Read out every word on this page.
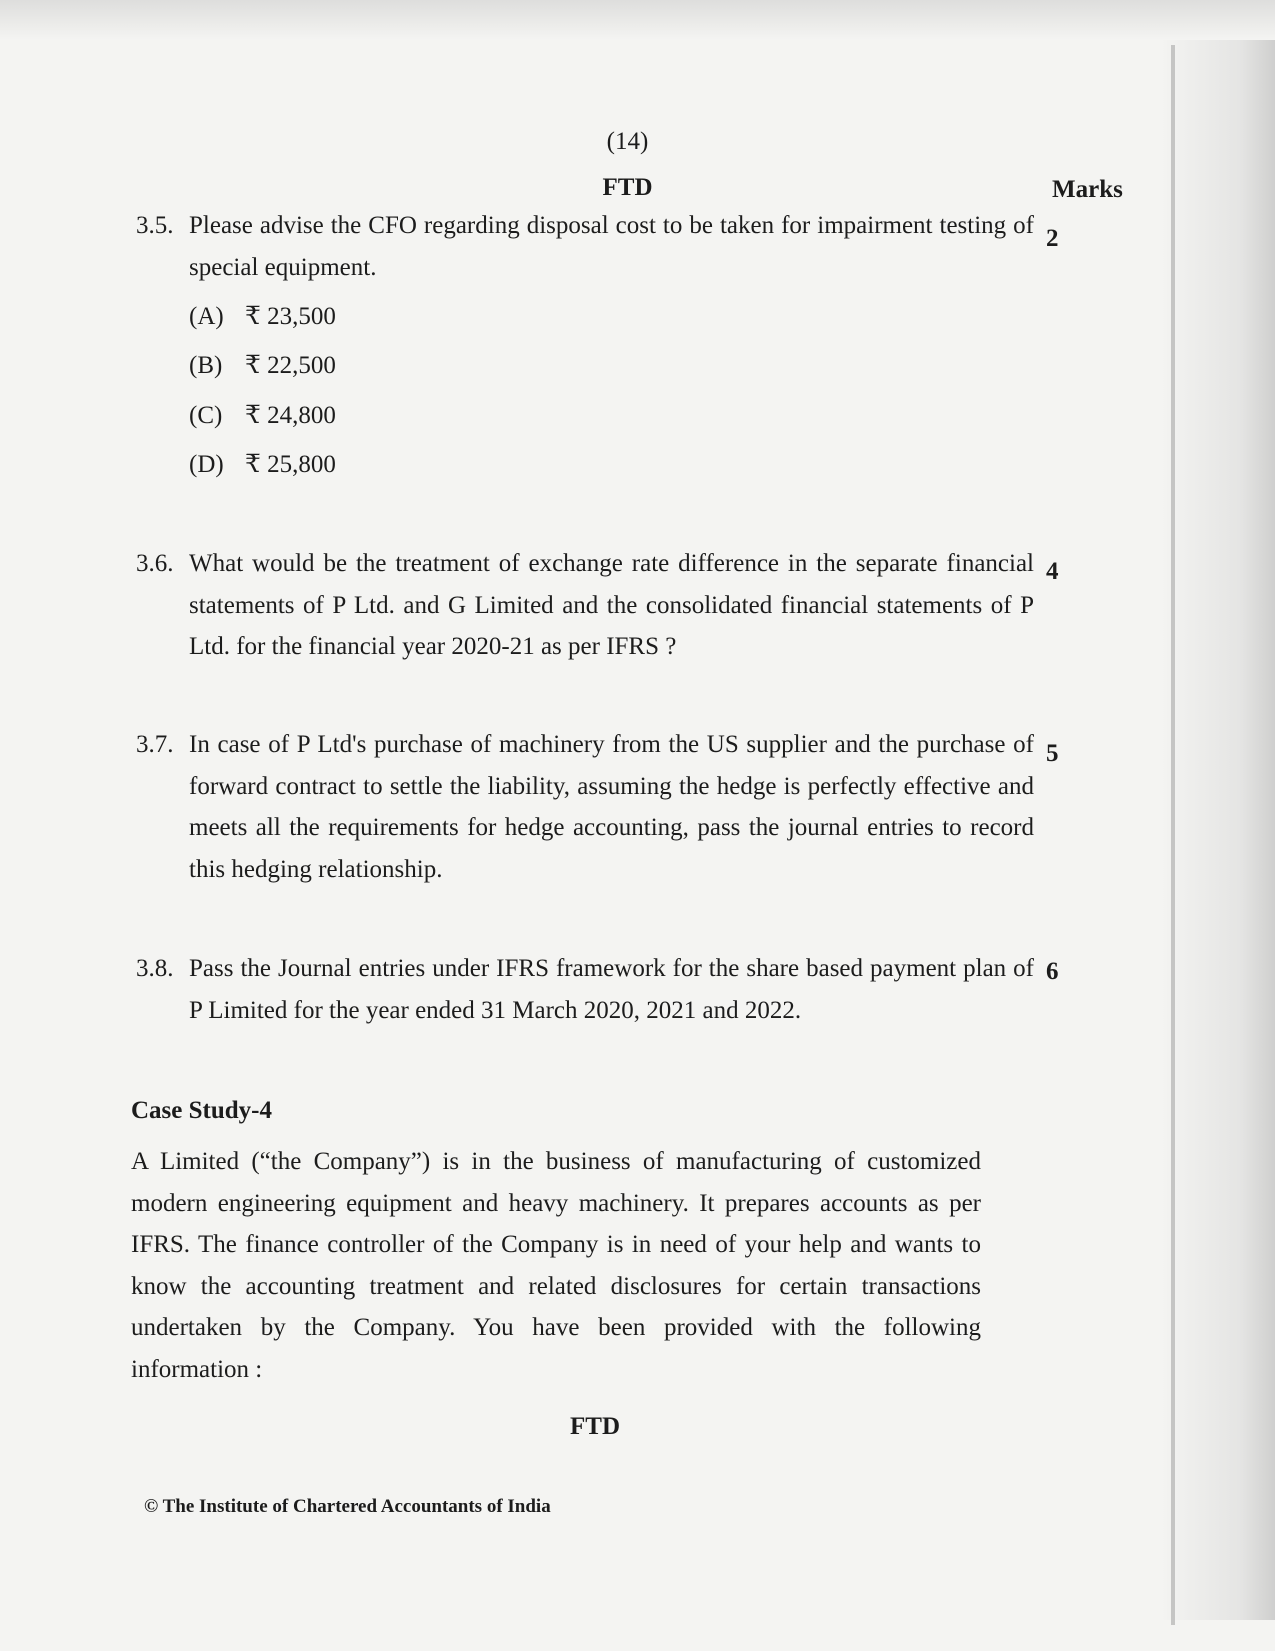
(14)
FTD	Marks
3.5. Please advise the CFO regarding disposal cost to be taken for impairment testing of special equipment.
2
(A) ₹ 23,500
(B) ₹ 22,500
(C) ₹ 24,800
(D) ₹ 25,800
3.6. What would be the treatment of exchange rate difference in the separate financial statements of P Ltd. and G Limited and the consolidated financial statements of P Ltd. for the financial year 2020-21 as per IFRS ?
4
3.7. In case of P Ltd's purchase of machinery from the US supplier and the purchase of forward contract to settle the liability, assuming the hedge is perfectly effective and meets all the requirements for hedge accounting, pass the journal entries to record this hedging relationship.
5
3.8. Pass the Journal entries under IFRS framework for the share based payment plan of P Limited for the year ended 31 March 2020, 2021 and 2022.
6
Case Study-4
A Limited (“the Company”) is in the business of manufacturing of customized modern engineering equipment and heavy machinery. It prepares accounts as per IFRS. The finance controller of the Company is in need of your help and wants to know the accounting treatment and related disclosures for certain transactions undertaken by the Company. You have been provided with the following information :
FTD
© The Institute of Chartered Accountants of India
